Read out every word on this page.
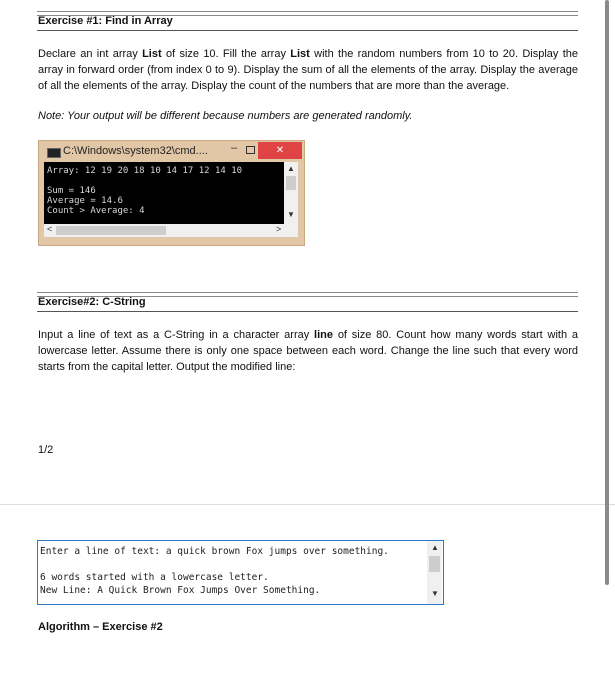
Exercise #1: Find in Array
Declare an int array List of size 10. Fill the array List with the random numbers from 10 to 20. Display the array in forward order (from index 0 to 9). Display the sum of all the elements of the array. Display the average of all the elements of the array. Display the count of the numbers that are more than the average.
Note: Your output will be different because numbers are generated randomly.
C:\Windows\system32\cmd....	–	✕
Array: 12 19 20 18 10 14 17 12 14 10
Sum = 146
Average = 14.6
Count > Average: 4
▲
▼
<	>
Exercise#2: C-String
Input a line of text as a C-String in a character array line of size 80. Count how many words start with a lowercase letter. Assume there is only one space between each word. Change the line such that every word starts from the capital letter. Output the modified line:
1/2
Enter a line of text: a quick brown Fox jumps over something.
6 words started with a lowercase letter.
New Line: A Quick Brown Fox Jumps Over Something.
▲
▼
Algorithm – Exercise #2
